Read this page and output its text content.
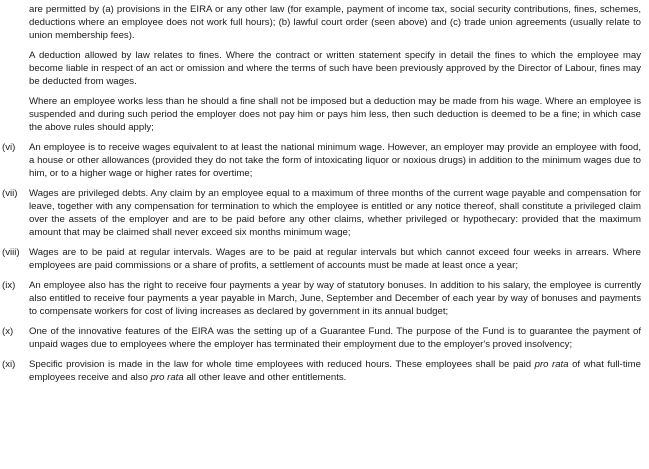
are permitted by (a) provisions in the EIRA or any other law (for example, payment of income tax, social security contributions, fines, schemes, deductions where an employee does not work full hours); (b) lawful court order (seen above) and (c) trade union agreements (usually relate to union membership fees).

A deduction allowed by law relates to fines. Where the contract or written statement specify in detail the fines to which the employee may become liable in respect of an act or omission and where the terms of such have been previously approved by the Director of Labour, fines may be deducted from wages.

Where an employee works less than he should a fine shall not be imposed but a deduction may be made from his wage. Where an employee is suspended and during such period the employer does not pay him or pays him less, then such deduction is deemed to be a fine; in which case the above rules should apply;

(vi)	An employee is to receive wages equivalent to at least the national minimum wage. However, an employer may provide an employee with food, a house or other allowances (provided they do not take the form of intoxicating liquor or noxious drugs) in addition to the minimum wages due to him, or to a higher wage or higher rates for overtime;
(vii)	Wages are privileged debts. Any claim by an employee equal to a maximum of three months of the current wage payable and compensation for leave, together with any compensation for termination to which the employee is entitled or any notice thereof, shall constitute a privileged claim over the assets of the employer and are to be paid before any other claims, whether privileged or hypothecary: provided that the maximum amount that may be claimed shall never exceed six months minimum wage;
(viii) Wages are to be paid at regular intervals. Wages are to be paid at regular intervals but which cannot exceed four weeks in arrears. Where employees are paid commissions or a share of profits, a settlement of accounts must be made at least once a year;
(ix)	An employee also has the right to receive four payments a year by way of statutory bonuses. In addition to his salary, the employee is currently also entitled to receive four payments a year payable in March, June, September and December of each year by way of bonuses and payments to compensate workers for cost of living increases as declared by government in its annual budget;
(x)	One of the innovative features of the EIRA was the setting up of a Guarantee Fund. The purpose of the Fund is to guarantee the payment of unpaid wages due to employees where the employer has terminated their employment due to the employer's proved insolvency;
(xi)	Specific provision is made in the law for whole time employees with reduced hours. These employees shall be paid pro rata of what full-time employees receive and also pro rata all other leave and other entitlements.
